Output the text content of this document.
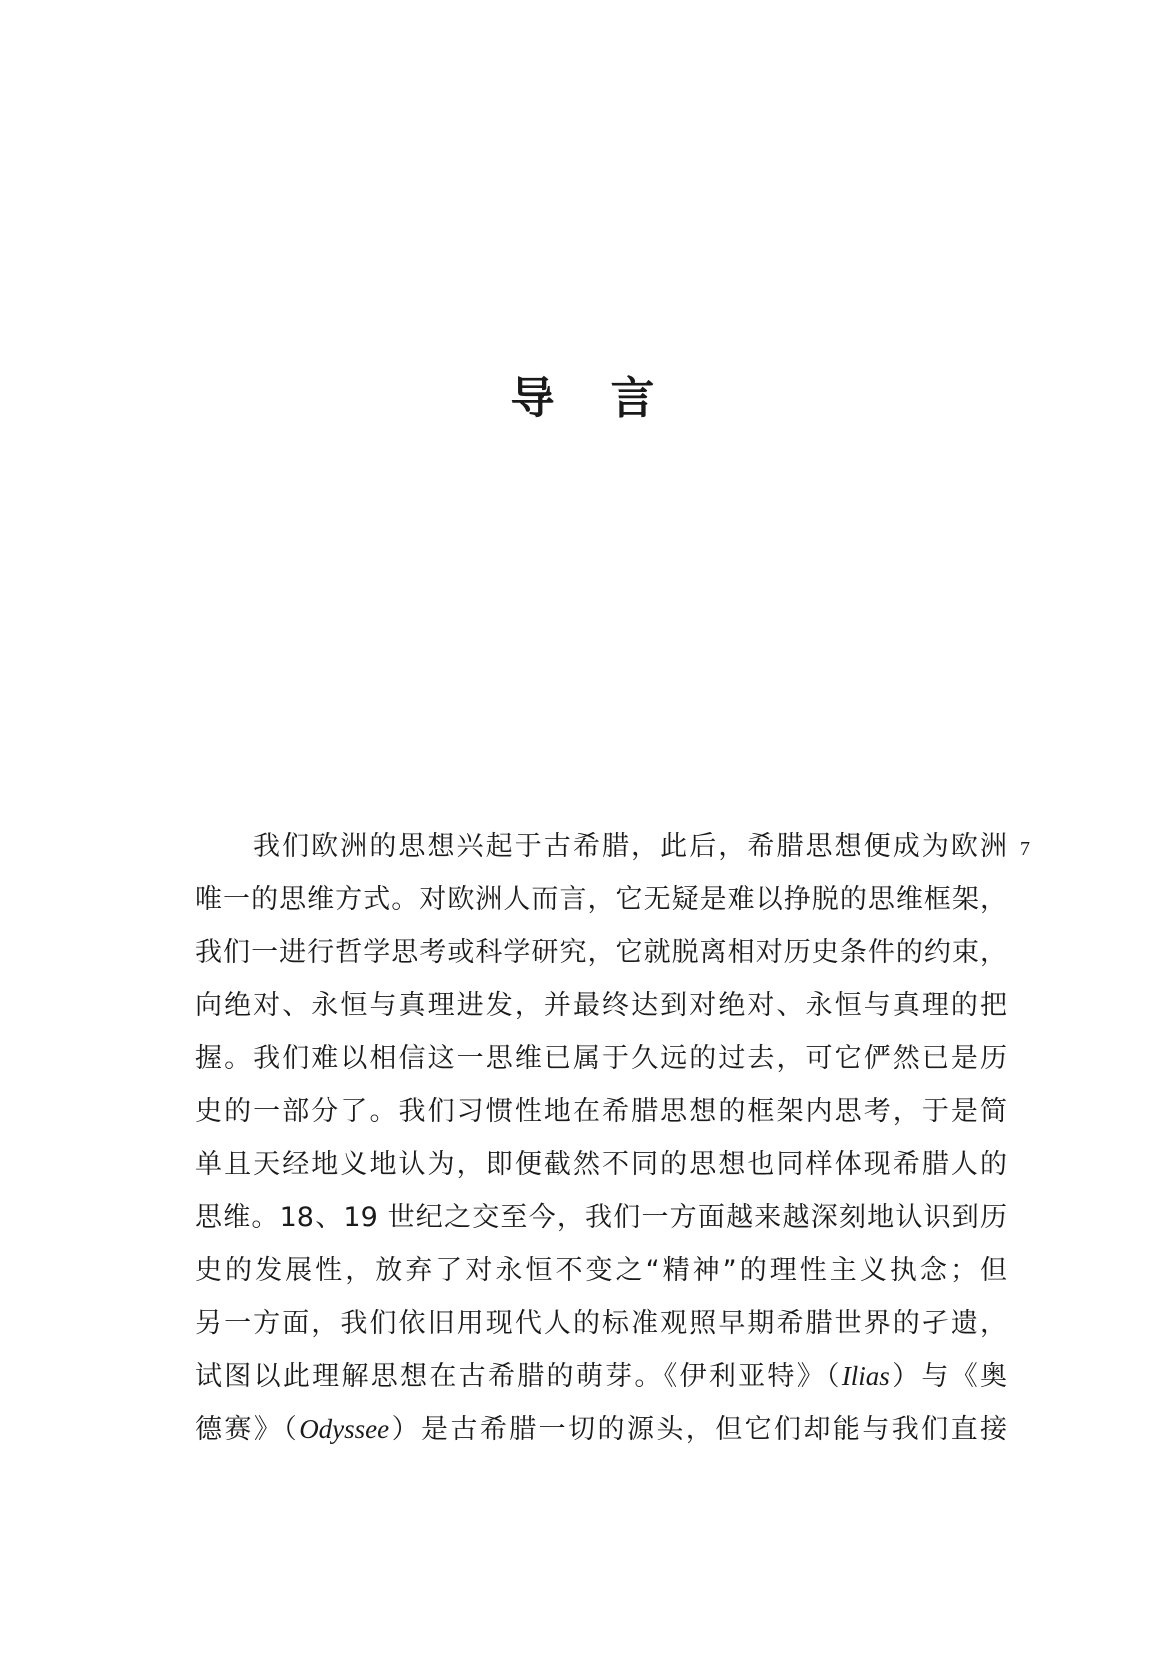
导 言
7
我们欧洲的思想兴起于古希腊，此后，希腊思想便成为欧洲
唯一的思维方式。对欧洲人而言，它无疑是难以挣脱的思维框架，
我们一进行哲学思考或科学研究，它就脱离相对历史条件的约束，
向绝对、永恒与真理进发，并最终达到对绝对、永恒与真理的把
握。我们难以相信这一思维已属于久远的过去，可它俨然已是历
史的一部分了。我们习惯性地在希腊思想的框架内思考，于是简
单且天经地义地认为，即便截然不同的思想也同样体现希腊人的
思维。18、19 世纪之交至今，我们一方面越来越深刻地认识到历
史的发展性，放弃了对永恒不变之“精神”的理性主义执念；但
另一方面，我们依旧用现代人的标准观照早期希腊世界的孑遗，
试图以此理解思想在古希腊的萌芽。《伊利亚特》（Ilias）与《奥
德赛》（Odyssee）是古希腊一切的源头，但它们却能与我们直接
